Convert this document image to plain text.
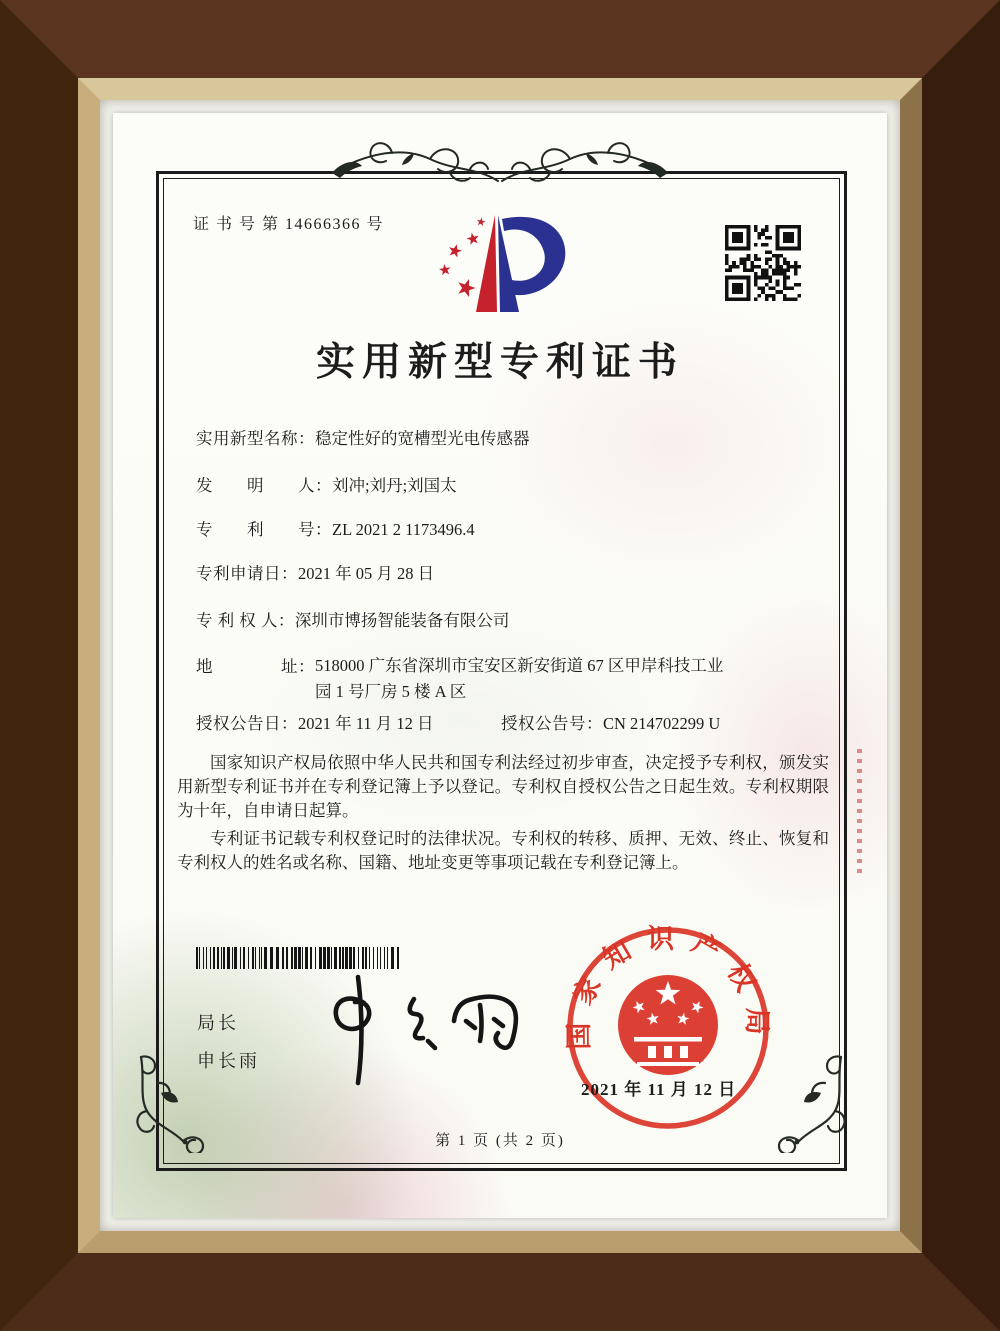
证 书 号 第 14666366 号
实用新型专利证书
实用新型名称：稳定性好的宽槽型光电传感器
发　　明　　人：刘冲;刘丹;刘国太
专　　利　　号：ZL 2021 2 1173496.4
专利申请日：2021 年 05 月 28 日
专 利 权 人：深圳市博扬智能装备有限公司
地　　　　址：518000 广东省深圳市宝安区新安街道 67 区甲岸科技工业
园 1 号厂房 5 楼 A 区
授权公告日：2021 年 11 月 12 日	授权公告号：CN 214702299 U

国家知识产权局依照中华人民共和国专利法经过初步审查，决定授予专利权，颁发实用新型专利证书并在专利登记簿上予以登记。专利权自授权公告之日起生效。专利权期限为十年，自申请日起算。

专利证书记载专利权登记时的法律状况。专利权的转移、质押、无效、终止、恢复和专利权人的姓名或名称、国籍、地址变更等事项记载在专利登记簿上。

局长
申长雨
国家知识产权局
2021 年 11 月 12 日
第 1 页 (共 2 页)
